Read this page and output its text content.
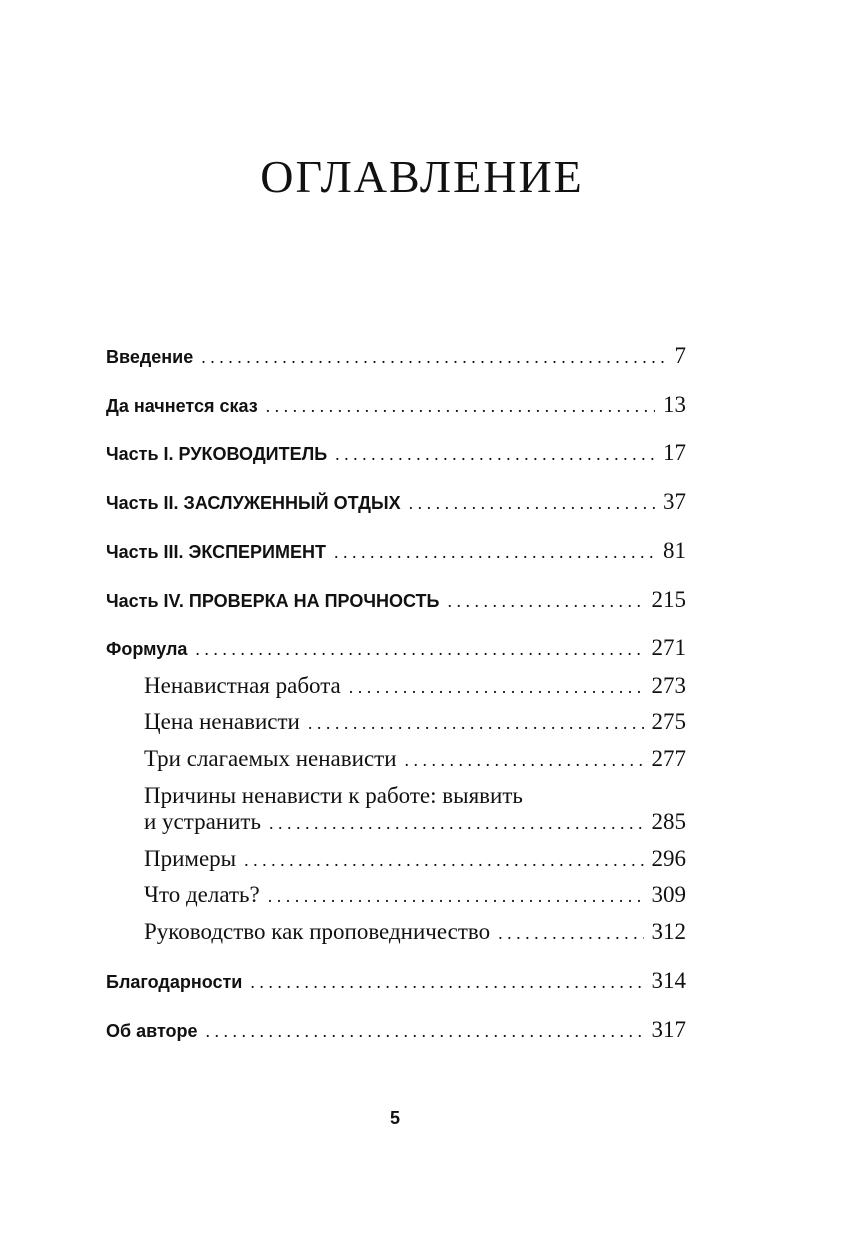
ОГЛАВЛЕНИЕ
Введение . . .	7
Да начнется сказ . . .	13
Часть I. РУКОВОДИТЕЛЬ . . .	17
Часть II. ЗАСЛУЖЕННЫЙ ОТДЫХ . . .	37
Часть III. ЭКСПЕРИМЕНТ . . .	81
Часть IV. ПРОВЕРКА НА ПРОЧНОСТЬ . . .	215
Формула . . .	271
Ненавистная работа . . .	273
Цена ненависти . . .	275
Три слагаемых ненависти . . .	277
Причины ненависти к работе: выявить
и устранить . . .	285
Примеры . . .	296
Что делать? . . .	309
Руководство как проповедничество . . .	312
Благодарности . . .	314
Об авторе . . .	317
5
